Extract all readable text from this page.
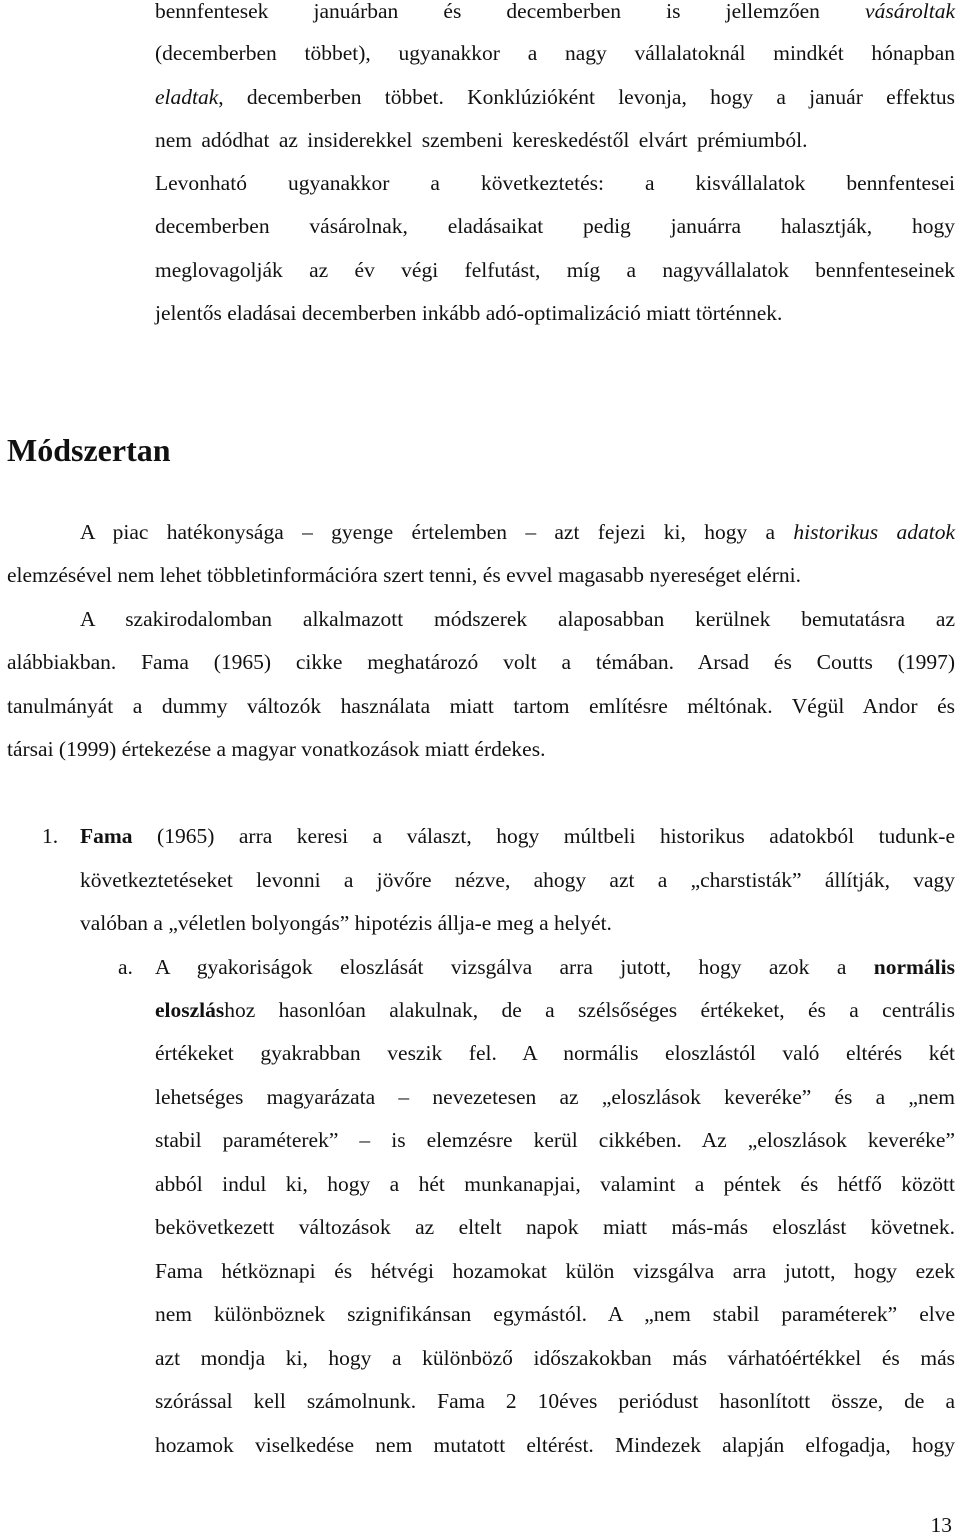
bennfentesek januárban és decemberben is jellemzően vásároltak

(decemberben többet), ugyanakkor a nagy vállalatoknál mindkét hónapban

eladtak, decemberben többet. Konklúzióként levonja, hogy a január effektus

nem adódhat az insiderekkel szembeni kereskedéstől elvárt prémiumból.

Levonható ugyanakkor a következtetés: a kisvállalatok bennfentesei

decemberben vásárolnak, eladásaikat pedig januárra halasztják, hogy

meglovagolják az év végi felfutást, míg a nagyvállalatok bennfenteseinek

jelentős eladásai decemberben inkább adó-optimalizáció miatt történnek.

Módszertan

A piac hatékonysága – gyenge értelemben – azt fejezi ki, hogy a historikus adatok

elemzésével nem lehet többletinformációra szert tenni, és evvel magasabb nyereséget elérni.

A szakirodalomban alkalmazott módszerek alaposabban kerülnek bemutatásra az

alábbiakban. Fama (1965) cikke meghatározó volt a témában. Arsad és Coutts (1997)

tanulmányát a dummy változók használata miatt tartom említésre méltónak. Végül Andor és

társai (1999) értekezése a magyar vonatkozások miatt érdekes.

1. Fama (1965) arra keresi a választ, hogy múltbeli historikus adatokból tudunk-e

következtetéseket levonni a jövőre nézve, ahogy azt a „charstisták” állítják, vagy

valóban a „véletlen bolyongás” hipotézis állja-e meg a helyét.

a. A gyakoriságok eloszlását vizsgálva arra jutott, hogy azok a normális

eloszláshoz hasonlóan alakulnak, de a szélsőséges értékeket, és a centrális

értékeket gyakrabban veszik fel. A normális eloszlástól való eltérés két

lehetséges magyarázata – nevezetesen az „eloszlások keveréke” és a „nem

stabil paraméterek” – is elemzésre kerül cikkében. Az „eloszlások keveréke”

abból indul ki, hogy a hét munkanapjai, valamint a péntek és hétfő között

bekövetkezett változások az eltelt napok miatt más-más eloszlást követnek.

Fama hétköznapi és hétvégi hozamokat külön vizsgálva arra jutott, hogy ezek

nem különböznek szignifikánsan egymástól. A „nem stabil paraméterek” elve

azt mondja ki, hogy a különböző időszakokban más várhatóértékkel és más

szórással kell számolnunk. Fama 2 10éves periódust hasonlított össze, de a

hozamok viselkedése nem mutatott eltérést. Mindezek alapján elfogadja, hogy

13
